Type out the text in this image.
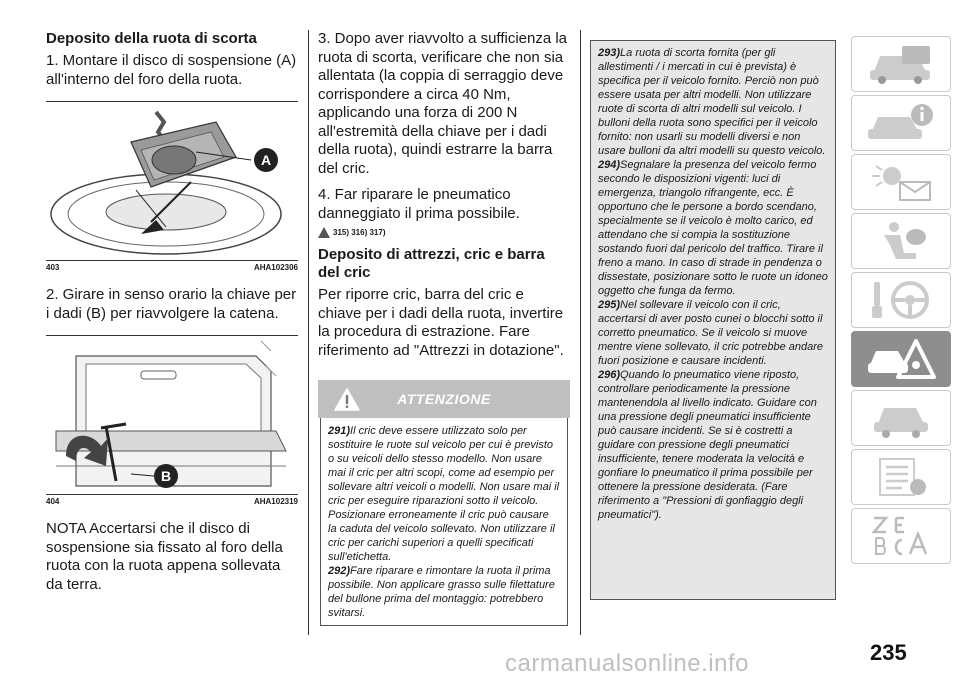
Deposito della ruota di scorta

1. Montare il disco di sospensione (A) all'interno del foro della ruota.

A
403	AHA102306

2. Girare in senso orario la chiave per i dadi (B) per riavvolgere la catena.

B
404	AHA102319

NOTA Accertarsi che il disco di sospensione sia fissato al foro della ruota con la ruota appena sollevata da terra.

3. Dopo aver riavvolto a sufficienza la ruota di scorta, verificare che non sia allentata (la coppia di serraggio deve corrispondere a circa 40 Nm, applicando una forza di 200 N all'estremità della chiave per i dadi della ruota), quindi estrarre la barra del cric.

4. Far riparare le pneumatico danneggiato il prima possibile.

315) 316) 317)
Deposito di attrezzi, cric e barra del cric

Per riporre cric, barra del cric e chiave per i dadi della ruota, invertire la procedura di estrazione. Fare riferimento ad "Attrezzi in dotazione".

ATTENZIONE

291)Il cric deve essere utilizzato solo per sostituire le ruote sul veicolo per cui è previsto o su veicoli dello stesso modello. Non usare mai il cric per altri scopi, come ad esempio per sollevare altri veicoli o modelli. Non usare mai il cric per eseguire riparazioni sotto il veicolo. Posizionare erroneamente il cric può causare la caduta del veicolo sollevato. Non utilizzare il cric per carichi superiori a quelli specificati sull'etichetta.

292)Fare riparare e rimontare la ruota il prima possibile. Non applicare grasso sulle filettature del bullone prima del montaggio: potrebbero svitarsi.

293)La ruota di scorta fornita (per gli allestimenti / i mercati in cui è prevista) è specifica per il veicolo fornito. Perciò non può essere usata per altri modelli. Non utilizzare ruote di scorta di altri modelli sul veicolo. I bulloni della ruota sono specifici per il veicolo fornito: non usarli su modelli diversi e non usare bulloni da altri modelli su questo veicolo.

294)Segnalare la presenza del veicolo fermo secondo le disposizioni vigenti: luci di emergenza, triangolo rifrangente, ecc. È opportuno che le persone a bordo scendano, specialmente se il veicolo è molto carico, ed attendano che si compia la sostituzione sostando fuori dal pericolo del traffico. Tirare il freno a mano. In caso di strade in pendenza o dissestate, posizionare sotto le ruote un idoneo oggetto che funga da fermo.

295)Nel sollevare il veicolo con il cric, accertarsi di aver posto cunei o blocchi sotto il corretto pneumatico. Se il veicolo si muove mentre viene sollevato, il cric potrebbe andare fuori posizione e causare incidenti.

296)Quando lo pneumatico viene riposto, controllare periodicamente la pressione mantenendola al livello indicato. Guidare con una pressione degli pneumatici insufficiente può causare incidenti. Se si è costretti a guidare con pressione degli pneumatici insufficiente, tenere moderata la velocità e gonfiare lo pneumatico il prima possibile per ottenere la pressione desiderata. (Fare riferimento a "Pressioni di gonfiaggio degli pneumatici").

235
carmanualsonline.info
